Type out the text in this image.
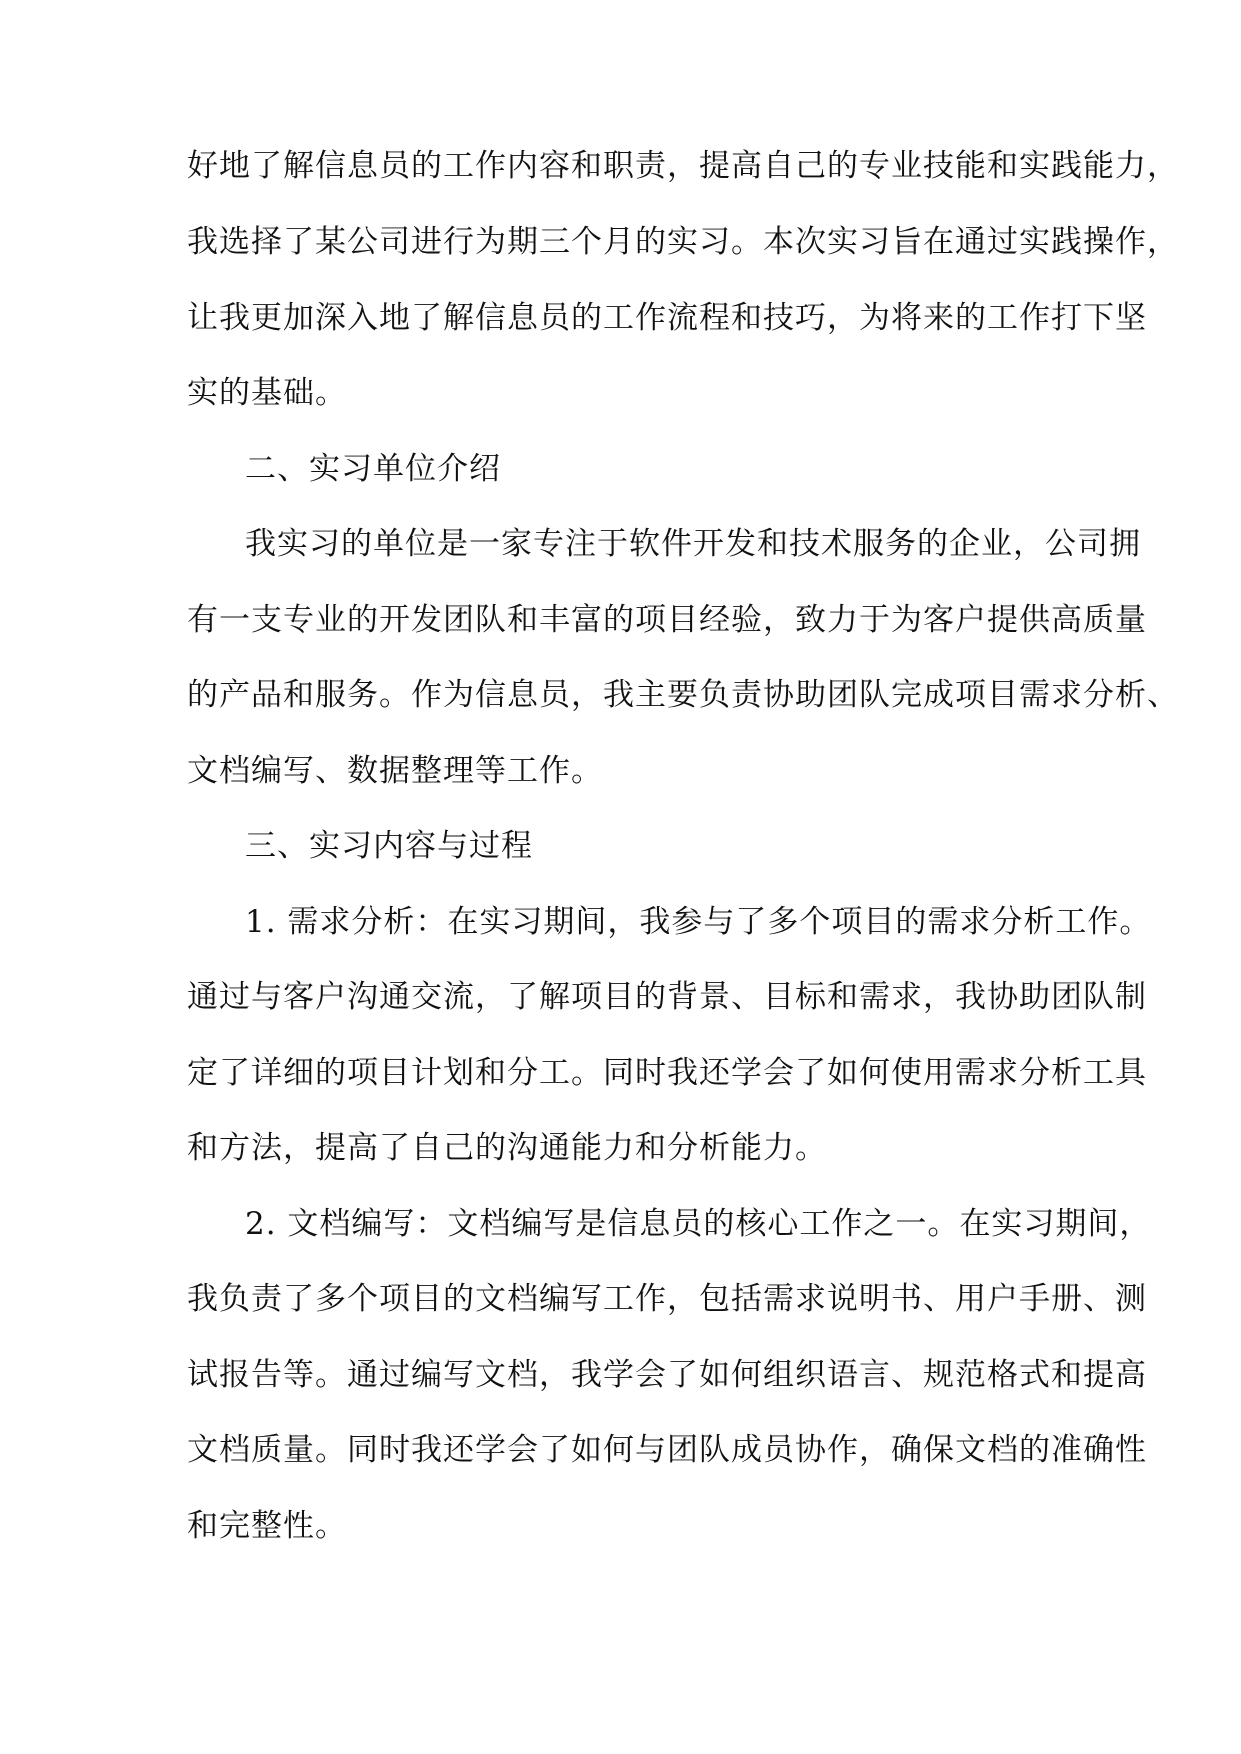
好地了解信息员的工作内容和职责，提高自己的专业技能和实践能力，
我选择了某公司进行为期三个月的实习。本次实习旨在通过实践操作，
让我更加深入地了解信息员的工作流程和技巧，为将来的工作打下坚
实的基础。
二、实习单位介绍
我实习的单位是一家专注于软件开发和技术服务的企业，公司拥
有一支专业的开发团队和丰富的项目经验，致力于为客户提供高质量
的产品和服务。作为信息员，我主要负责协助团队完成项目需求分析、
文档编写、数据整理等工作。
三、实习内容与过程
1. 需求分析：在实习期间，我参与了多个项目的需求分析工作。
通过与客户沟通交流，了解项目的背景、目标和需求，我协助团队制
定了详细的项目计划和分工。同时我还学会了如何使用需求分析工具
和方法，提高了自己的沟通能力和分析能力。
2. 文档编写：文档编写是信息员的核心工作之一。在实习期间，
我负责了多个项目的文档编写工作，包括需求说明书、用户手册、测
试报告等。通过编写文档，我学会了如何组织语言、规范格式和提高
文档质量。同时我还学会了如何与团队成员协作，确保文档的准确性
和完整性。
